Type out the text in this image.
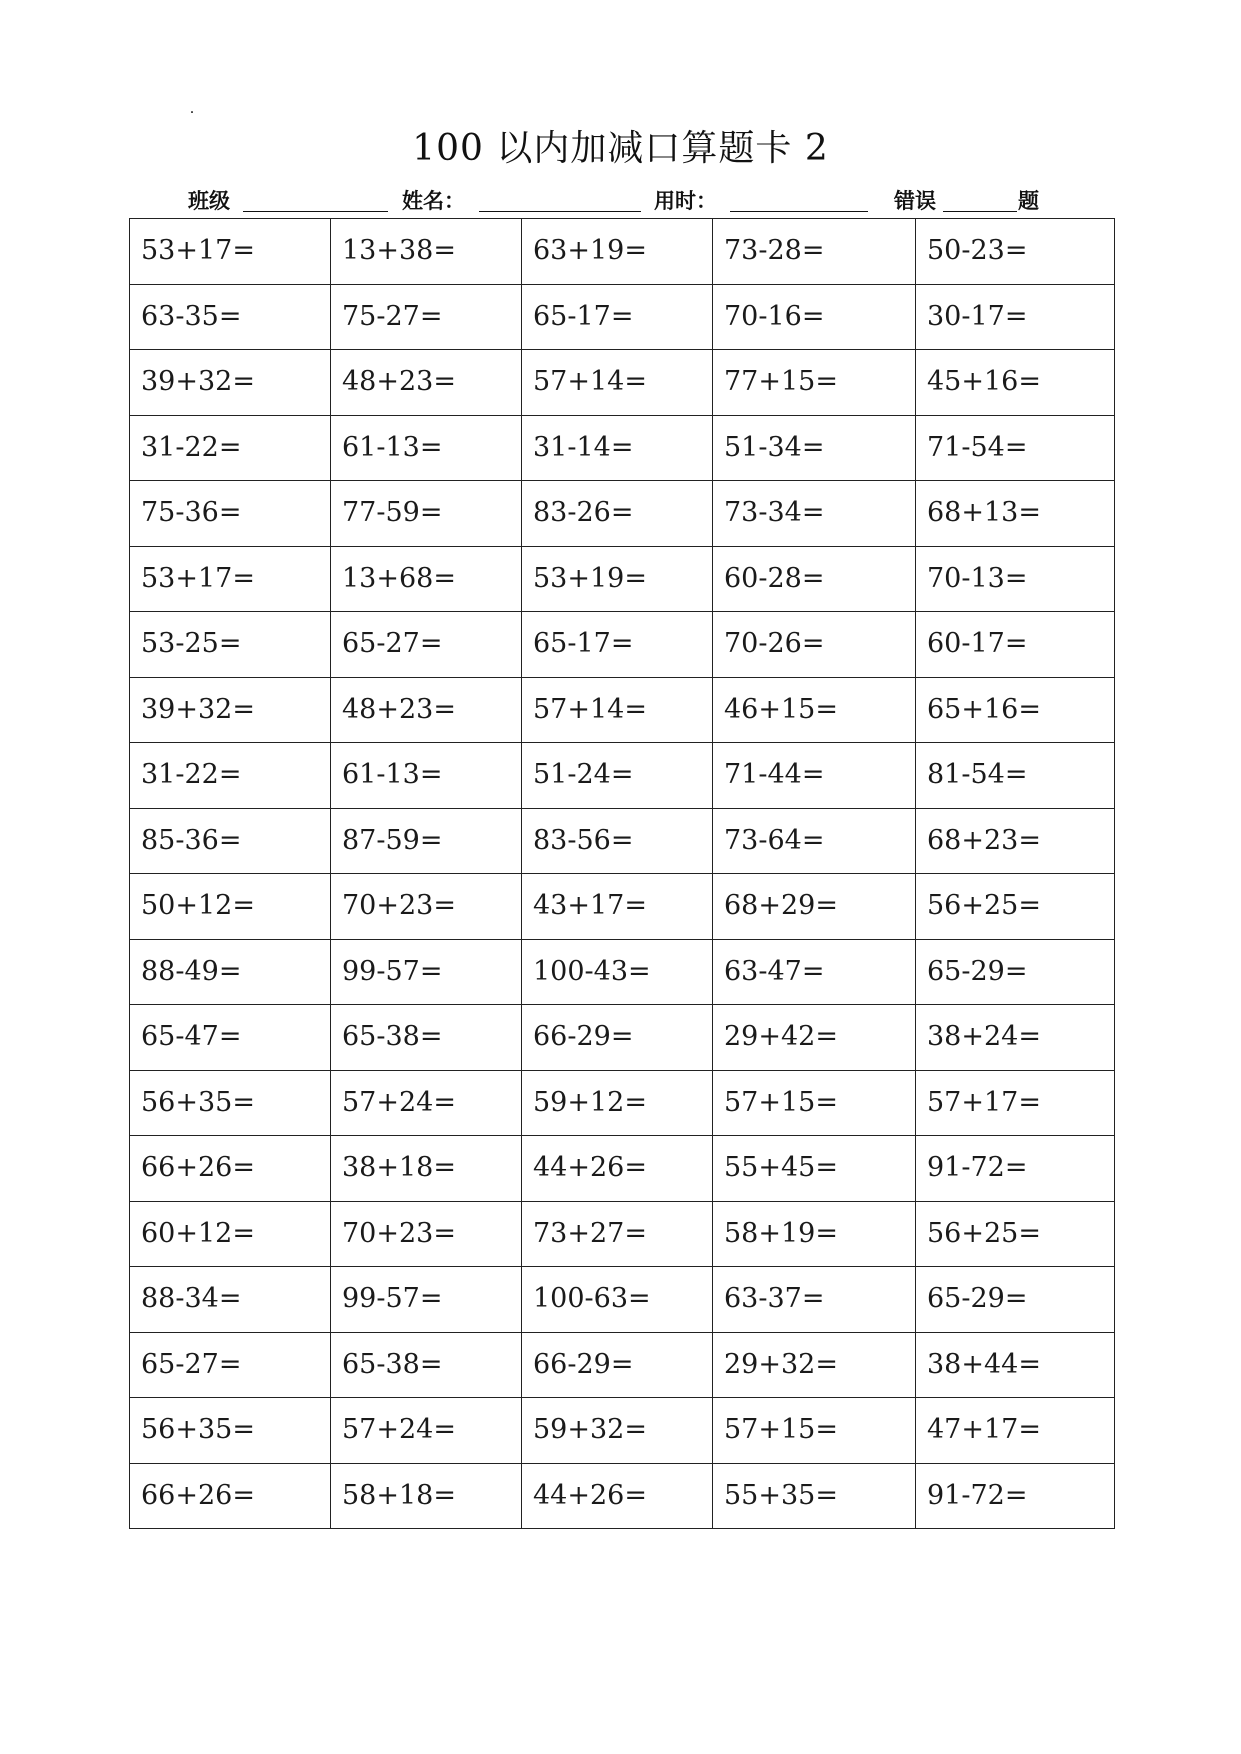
.
100 以内加减口算题卡 2
班级	姓名：	用时：	错误	题
53+17=	13+38=	63+19=	73-28=	50-23=
63-35=	75-27=	65-17=	70-16=	30-17=
39+32=	48+23=	57+14=	77+15=	45+16=
31-22=	61-13=	31-14=	51-34=	71-54=
75-36=	77-59=	83-26=	73-34=	68+13=
53+17=	13+68=	53+19=	60-28=	70-13=
53-25=	65-27=	65-17=	70-26=	60-17=
39+32=	48+23=	57+14=	46+15=	65+16=
31-22=	61-13=	51-24=	71-44=	81-54=
85-36=	87-59=	83-56=	73-64=	68+23=
50+12=	70+23=	43+17=	68+29=	56+25=
88-49=	99-57=	100-43=	63-47=	65-29=
65-47=	65-38=	66-29=	29+42=	38+24=
56+35=	57+24=	59+12=	57+15=	57+17=
66+26=	38+18=	44+26=	55+45=	91-72=
60+12=	70+23=	73+27=	58+19=	56+25=
88-34=	99-57=	100-63=	63-37=	65-29=
65-27=	65-38=	66-29=	29+32=	38+44=
56+35=	57+24=	59+32=	57+15=	47+17=
66+26=	58+18=	44+26=	55+35=	91-72=
